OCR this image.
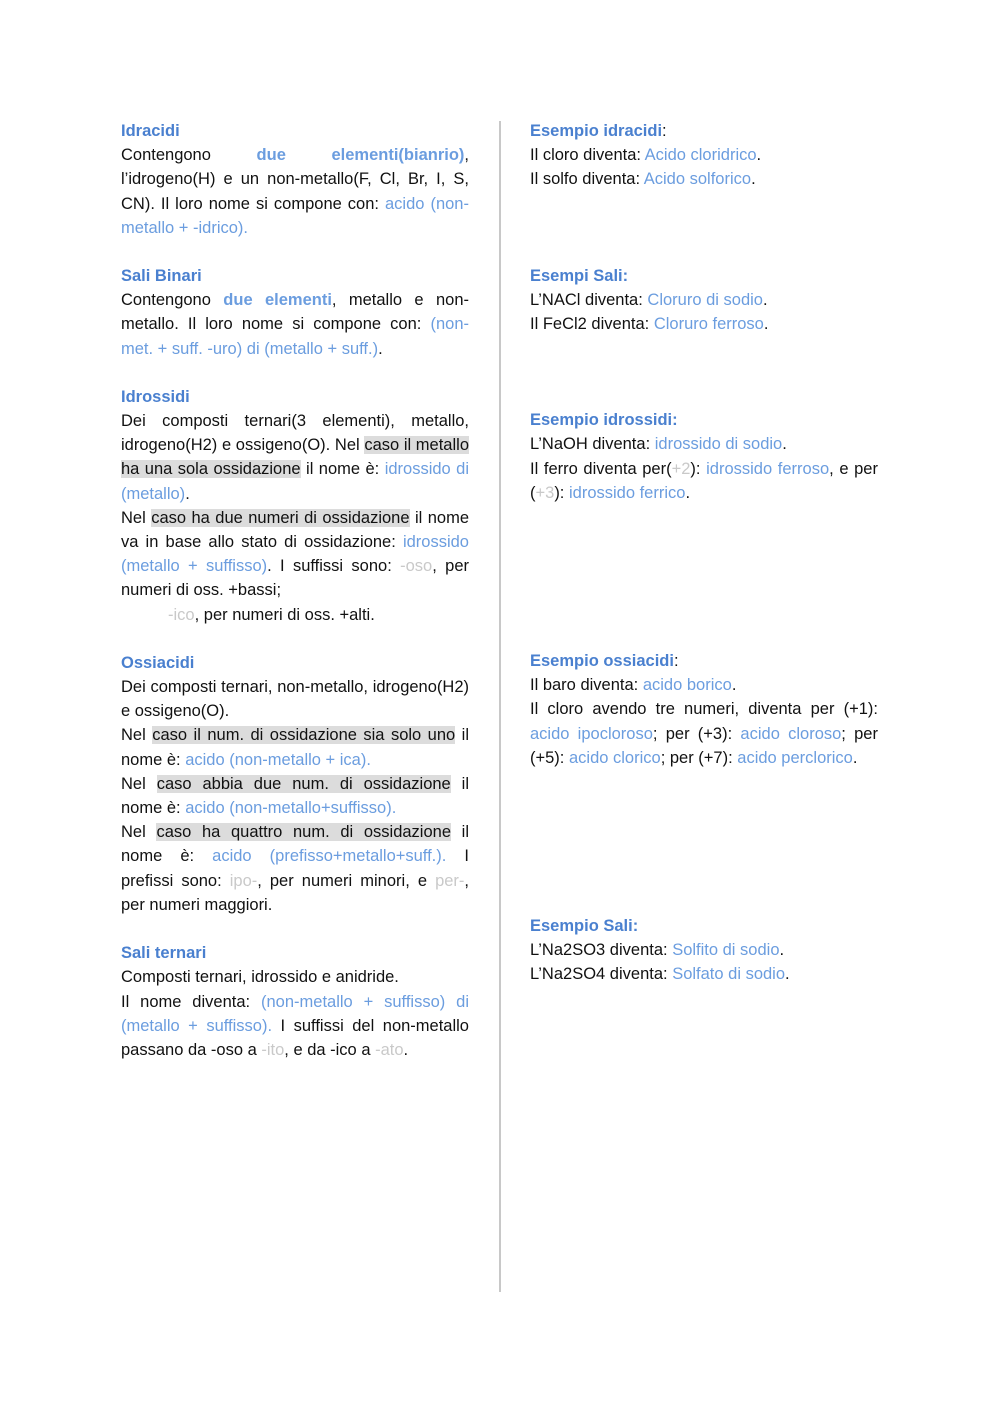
Idracidi

Contengono due elementi(bianrio), l’idrogeno(H) e un non-metallo(F, Cl, Br, I, S, CN). Il loro nome si compone con: acido (non-metallo + -idrico).

Sali Binari

Contengono due elementi, metallo e non-metallo. Il loro nome si compone con: (non-met. + suff. -uro) di (metallo + suff.).

Idrossidi

Dei composti ternari(3 elementi), metallo, idrogeno(H2) e ossigeno(O). Nel caso il metallo ha una sola ossidazione il nome è: idrossido di (metallo).

Nel caso ha due numeri di ossidazione il nome va in base allo stato di ossidazione: idrossido (metallo + suffisso). I suffissi sono: -oso, per numeri di oss. +bassi;

-ico, per numeri di oss. +alti.

Ossiacidi

Dei composti ternari, non-metallo, idrogeno(H2) e ossigeno(O).

Nel caso il num. di ossidazione sia solo uno il nome è: acido (non-metallo + ica).

Nel caso abbia due num. di ossidazione il nome è: acido (non-metallo+suffisso).

Nel caso ha quattro num. di ossidazione il nome è: acido (prefisso+metallo+suff.). I prefissi sono: ipo-, per numeri minori, e per-, per numeri maggiori.

Sali ternari

Composti ternari, idrossido e anidride.

Il nome diventa: (non-metallo + suffisso) di (metallo + suffisso). I suffissi del non-metallo passano da -oso a -ito, e da -ico a -ato.

Esempio idracidi:

Il cloro diventa: Acido cloridrico.

Il solfo diventa: Acido solforico.

Esempi Sali:

L’NACl diventa: Cloruro di sodio.

Il FeCl2 diventa: Cloruro ferroso.

Esempio idrossidi:

L’NaOH diventa: idrossido di sodio.

Il ferro diventa per(+2): idrossido ferroso, e per (+3): idrossido ferrico.

Esempio ossiacidi:

Il baro diventa: acido borico.

Il cloro avendo tre numeri, diventa per (+1): acido ipocloroso; per (+3): acido cloroso; per (+5): acido clorico; per (+7): acido perclorico.

Esempio Sali:

L’Na2SO3 diventa: Solfito di sodio.

L’Na2SO4 diventa: Solfato di sodio.
